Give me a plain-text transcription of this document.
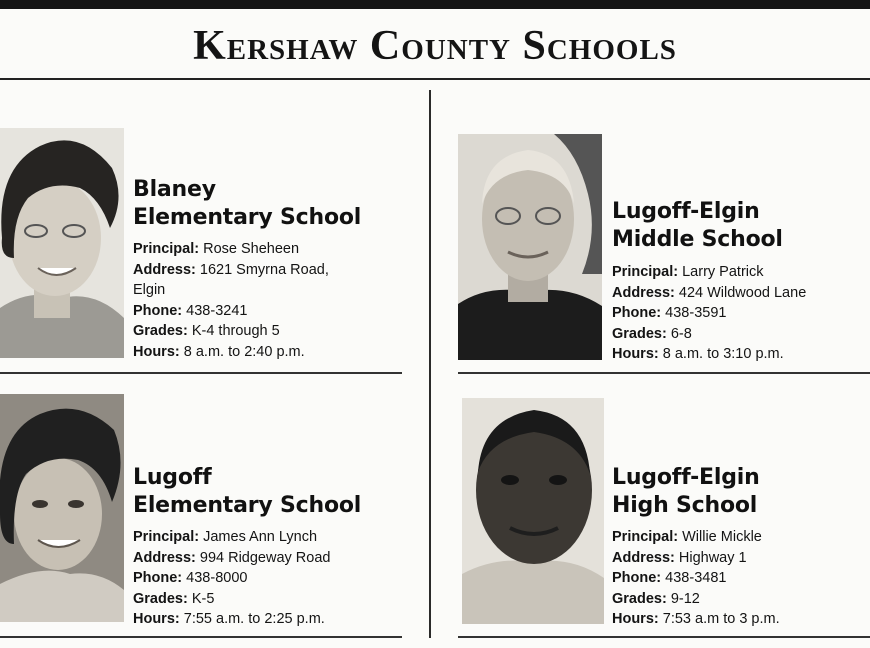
Kershaw County Schools
Blaney
Elementary School
Principal: Rose Sheheen
Address: 1621 Smyrna Road,
Elgin
Phone: 438-3241
Grades: K-4 through 5
Hours: 8 a.m. to 2:40 p.m.
Lugoff-Elgin
Middle School
Principal: Larry Patrick
Address: 424 Wildwood Lane
Phone: 438-3591
Grades: 6-8
Hours: 8 a.m. to 3:10 p.m.
Lugoff
Elementary School
Principal: James Ann Lynch
Address: 994 Ridgeway Road
Phone: 438-8000
Grades: K-5
Hours: 7:55 a.m. to 2:25 p.m.
Lugoff-Elgin
High School
Principal: Willie Mickle
Address: Highway 1
Phone: 438-3481
Grades: 9-12
Hours: 7:53 a.m to 3 p.m.
